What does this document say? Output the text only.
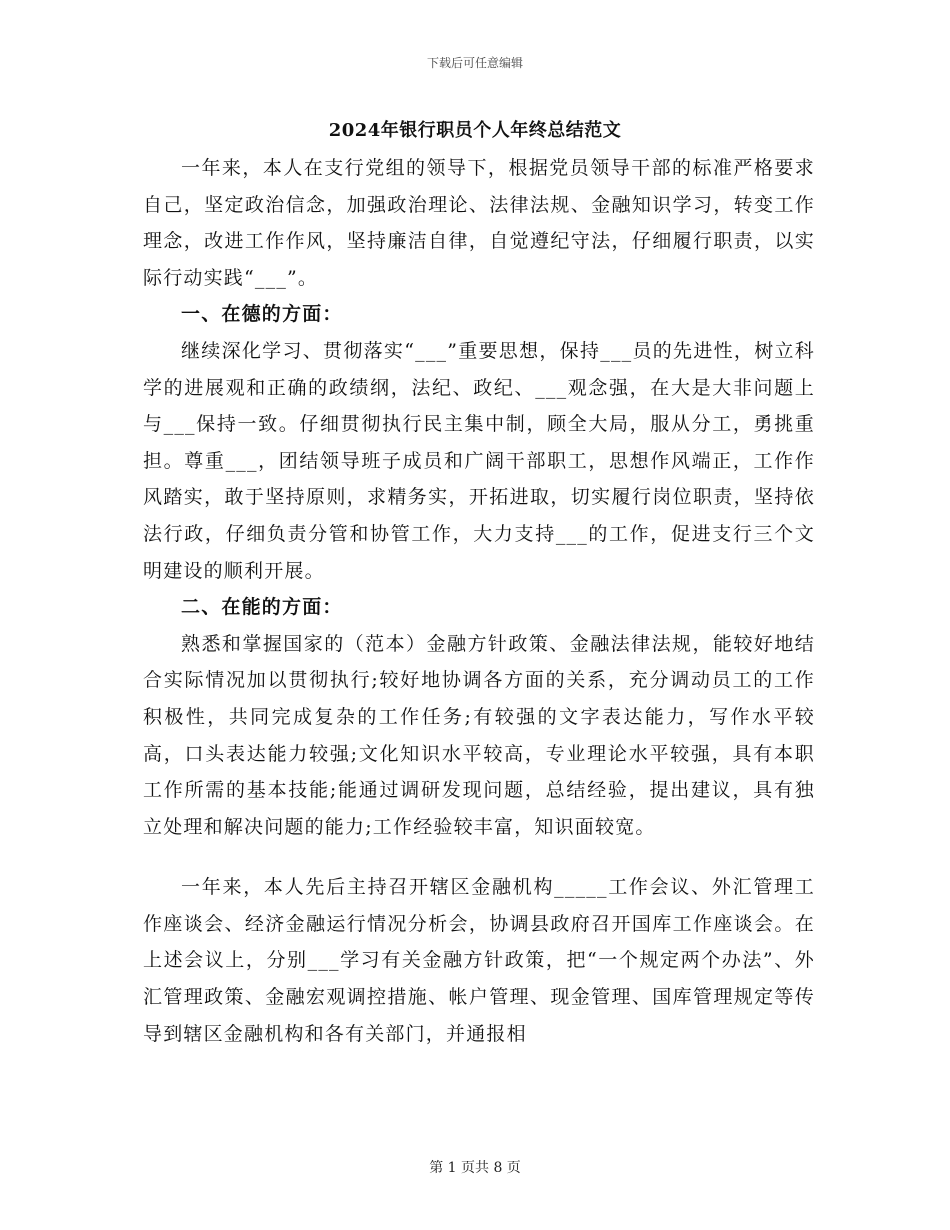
下载后可任意编辑
2024年银行职员个人年终总结范文

一年来，本人在支行党组的领导下，根据党员领导干部的标准严格要求自己，坚定政治信念，加强政治理论、法律法规、金融知识学习，转变工作理念，改进工作作风，坚持廉洁自律，自觉遵纪守法，仔细履行职责，以实际行动实践“___”。

一、在德的方面：

继续深化学习、贯彻落实“___”重要思想，保持___员的先进性，树立科学的进展观和正确的政绩纲，法纪、政纪、___观念强，在大是大非问题上与___保持一致。仔细贯彻执行民主集中制，顾全大局，服从分工，勇挑重担。尊重___，团结领导班子成员和广阔干部职工，思想作风端正，工作作风踏实，敢于坚持原则，求精务实，开拓进取，切实履行岗位职责，坚持依法行政，仔细负责分管和协管工作，大力支持___的工作，促进支行三个文明建设的顺利开展。

二、在能的方面：

熟悉和掌握国家的（范本）金融方针政策、金融法律法规，能较好地结合实际情况加以贯彻执行;较好地协调各方面的关系，充分调动员工的工作积极性，共同完成复杂的工作任务;有较强的文字表达能力，写作水平较高，口头表达能力较强;文化知识水平较高，专业理论水平较强，具有本职工作所需的基本技能;能通过调研发现问题，总结经验，提出建议，具有独立处理和解决问题的能力;工作经验较丰富，知识面较宽。

一年来，本人先后主持召开辖区金融机构_____工作会议、外汇管理工作座谈会、经济金融运行情况分析会，协调县政府召开国库工作座谈会。在上述会议上，分别___学习有关金融方针政策，把“一个规定两个办法”、外汇管理政策、金融宏观调控措施、帐户管理、现金管理、国库管理规定等传导到辖区金融机构和各有关部门，并通报相

第 1 页共 8 页
